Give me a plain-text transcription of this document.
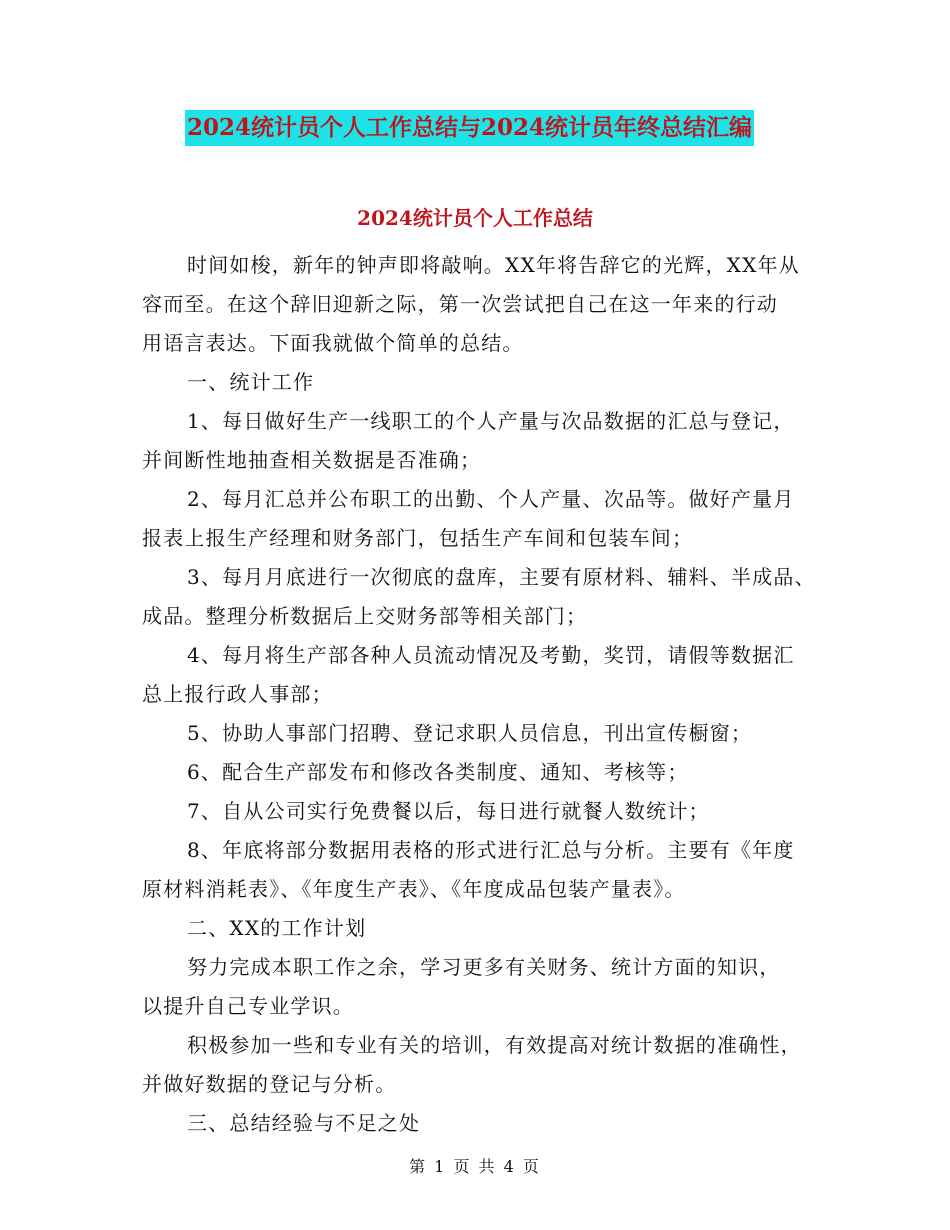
2024统计员个人工作总结与2024统计员年终总结汇编
2024统计员个人工作总结
时间如梭，新年的钟声即将敲响。XX年将告辞它的光辉，XX年从
容而至。在这个辞旧迎新之际，第一次尝试把自己在这一年来的行动
用语言表达。下面我就做个简单的总结。
一、统计工作
1、每日做好生产一线职工的个人产量与次品数据的汇总与登记，
并间断性地抽查相关数据是否准确；
2、每月汇总并公布职工的出勤、个人产量、次品等。做好产量月
报表上报生产经理和财务部门，包括生产车间和包装车间；
3、每月月底进行一次彻底的盘库，主要有原材料、辅料、半成品、
成品。整理分析数据后上交财务部等相关部门；
4、每月将生产部各种人员流动情况及考勤，奖罚，请假等数据汇
总上报行政人事部；
5、协助人事部门招聘、登记求职人员信息，刊出宣传橱窗；
6、配合生产部发布和修改各类制度、通知、考核等；
7、自从公司实行免费餐以后，每日进行就餐人数统计；
8、年底将部分数据用表格的形式进行汇总与分析。主要有《年度
原材料消耗表》、《年度生产表》、《年度成品包装产量表》。
二、XX的工作计划
努力完成本职工作之余，学习更多有关财务、统计方面的知识，
以提升自己专业学识。
积极参加一些和专业有关的培训，有效提高对统计数据的准确性，
并做好数据的登记与分析。
三、总结经验与不足之处
第 1 页 共 4 页
